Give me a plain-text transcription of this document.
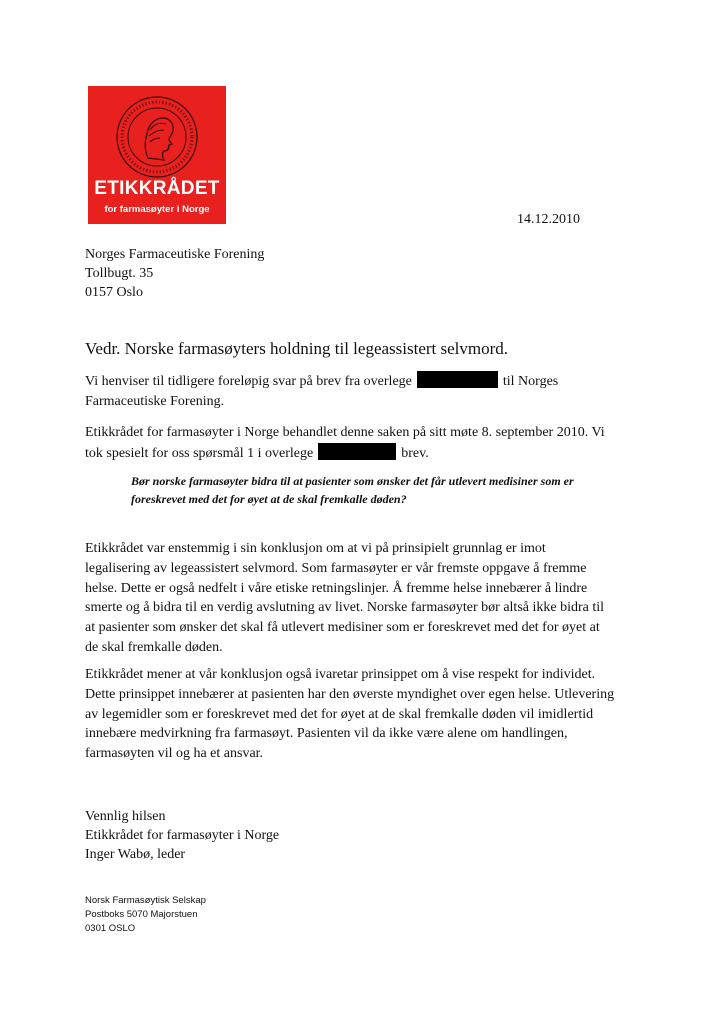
ETIKKRÅDET
for farmasøyter i Norge
14.12.2010
Norges Farmaceutiske Forening
Tollbugt. 35
0157 Oslo
Vedr. Norske farmasøyters holdning til legeassistert selvmord.
Vi henviser til tidligere foreløpig svar på brev fra overlege	til Norges
Farmaceutiske Forening.
Etikkrådet for farmasøyter i Norge behandlet denne saken på sitt møte 8. september 2010. Vi
tok spesielt for oss spørsmål 1 i overlege	brev.
Bør norske farmasøyter bidra til at pasienter som ønsker det får utlevert medisiner som er
foreskrevet med det for øyet at de skal fremkalle døden?
Etikkrådet var enstemmig i sin konklusjon om at vi på prinsipielt grunnlag er imot
legalisering av legeassistert selvmord. Som farmasøyter er vår fremste oppgave å fremme
helse. Dette er også nedfelt i våre etiske retningslinjer. Å fremme helse innebærer å lindre
smerte og å bidra til en verdig avslutning av livet. Norske farmasøyter bør altså ikke bidra til
at pasienter som ønsker det skal få utlevert medisiner som er foreskrevet med det for øyet at
de skal fremkalle døden.
Etikkrådet mener at vår konklusjon også ivaretar prinsippet om å vise respekt for individet.
Dette prinsippet innebærer at pasienten har den øverste myndighet over egen helse. Utlevering
av legemidler som er foreskrevet med det for øyet at de skal fremkalle døden vil imidlertid
innebære medvirkning fra farmasøyt. Pasienten vil da ikke være alene om handlingen,
farmasøyten vil og ha et ansvar.
Vennlig hilsen
Etikkrådet for farmasøyter i Norge
Inger Wabø, leder
Norsk Farmasøytisk Selskap
Postboks 5070 Majorstuen
0301 OSLO
